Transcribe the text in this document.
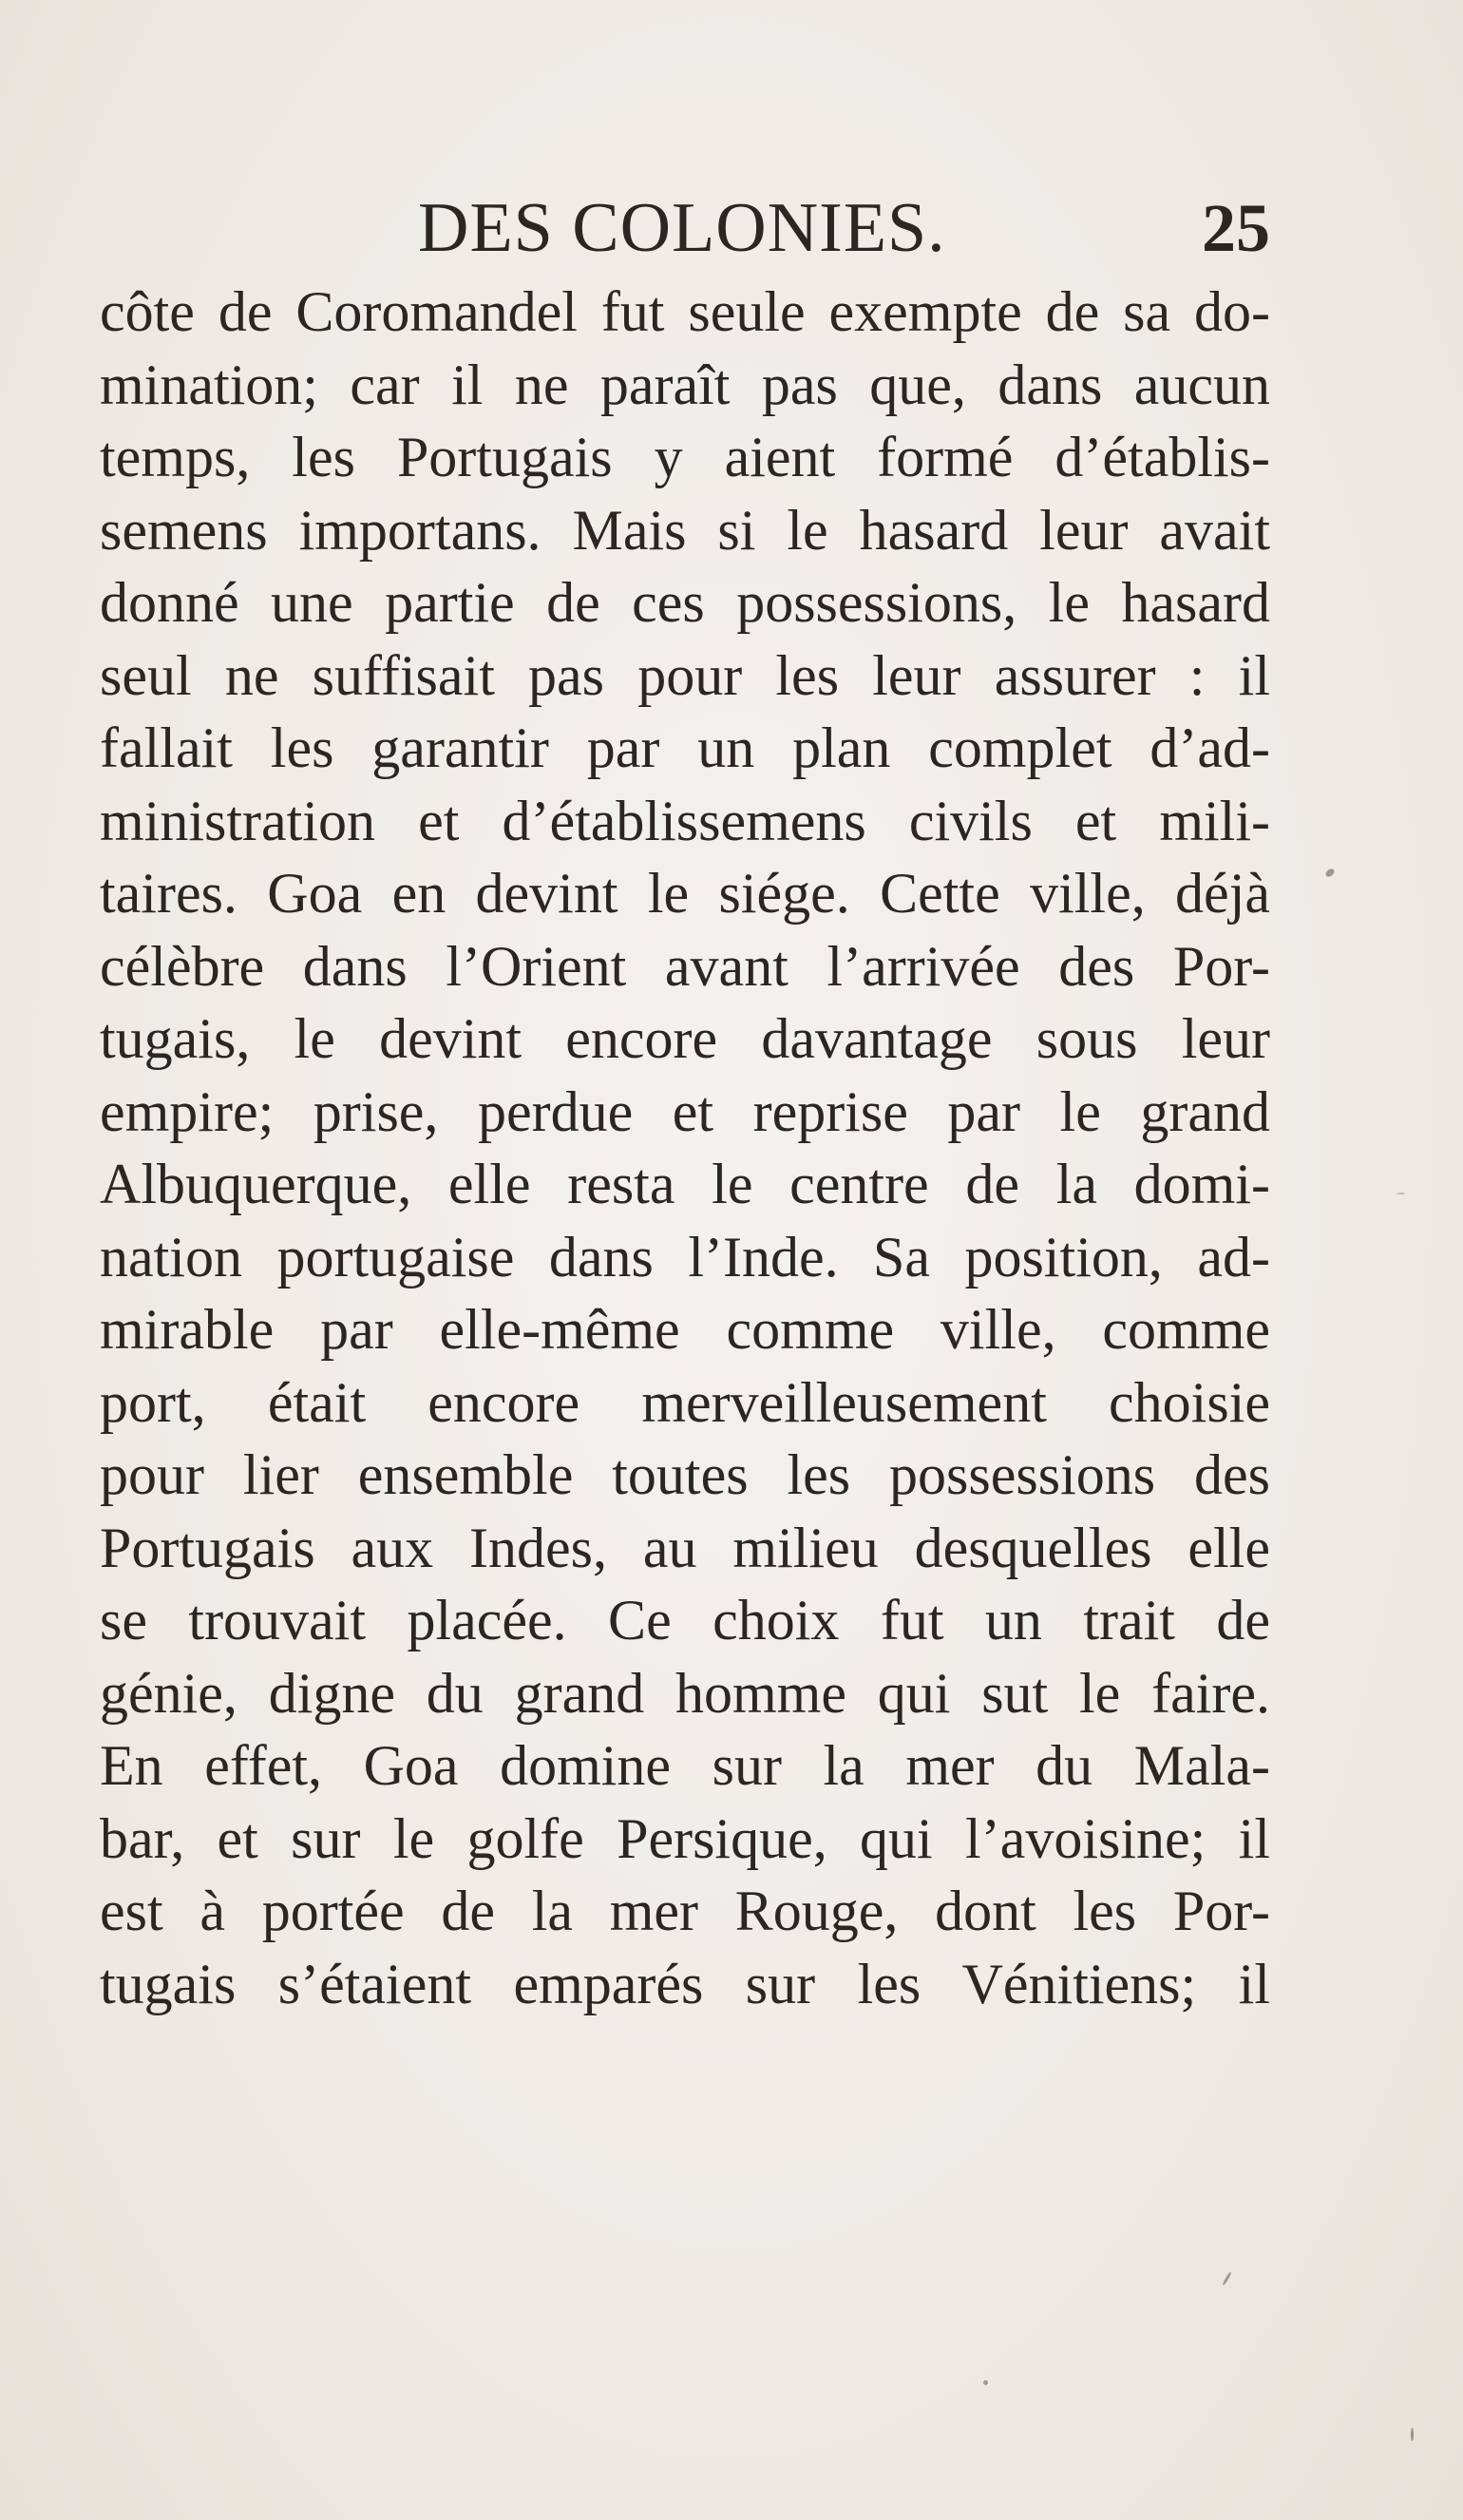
DES COLONIES.	25
côte de Coromandel fut seule exempte de sa do-
mination; car il ne paraît pas que, dans aucun
temps, les Portugais y aient formé d’établis-
semens importans. Mais si le hasard leur avait
donné une partie de ces possessions, le hasard
seul ne suffisait pas pour les leur assurer : il
fallait les garantir par un plan complet d’ad-
ministration et d’établissemens civils et mili-
taires. Goa en devint le siége. Cette ville, déjà
célèbre dans l’Orient avant l’arrivée des Por-
tugais, le devint encore davantage sous leur
empire; prise, perdue et reprise par le grand
Albuquerque, elle resta le centre de la domi-
nation portugaise dans l’Inde. Sa position, ad-
mirable par elle-même comme ville, comme
port, était encore merveilleusement choisie
pour lier ensemble toutes les possessions des
Portugais aux Indes, au milieu desquelles elle
se trouvait placée. Ce choix fut un trait de
génie, digne du grand homme qui sut le faire.
En effet, Goa domine sur la mer du Mala-
bar, et sur le golfe Persique, qui l’avoisine; il
est à portée de la mer Rouge, dont les Por-
tugais s’étaient emparés sur les Vénitiens; il
